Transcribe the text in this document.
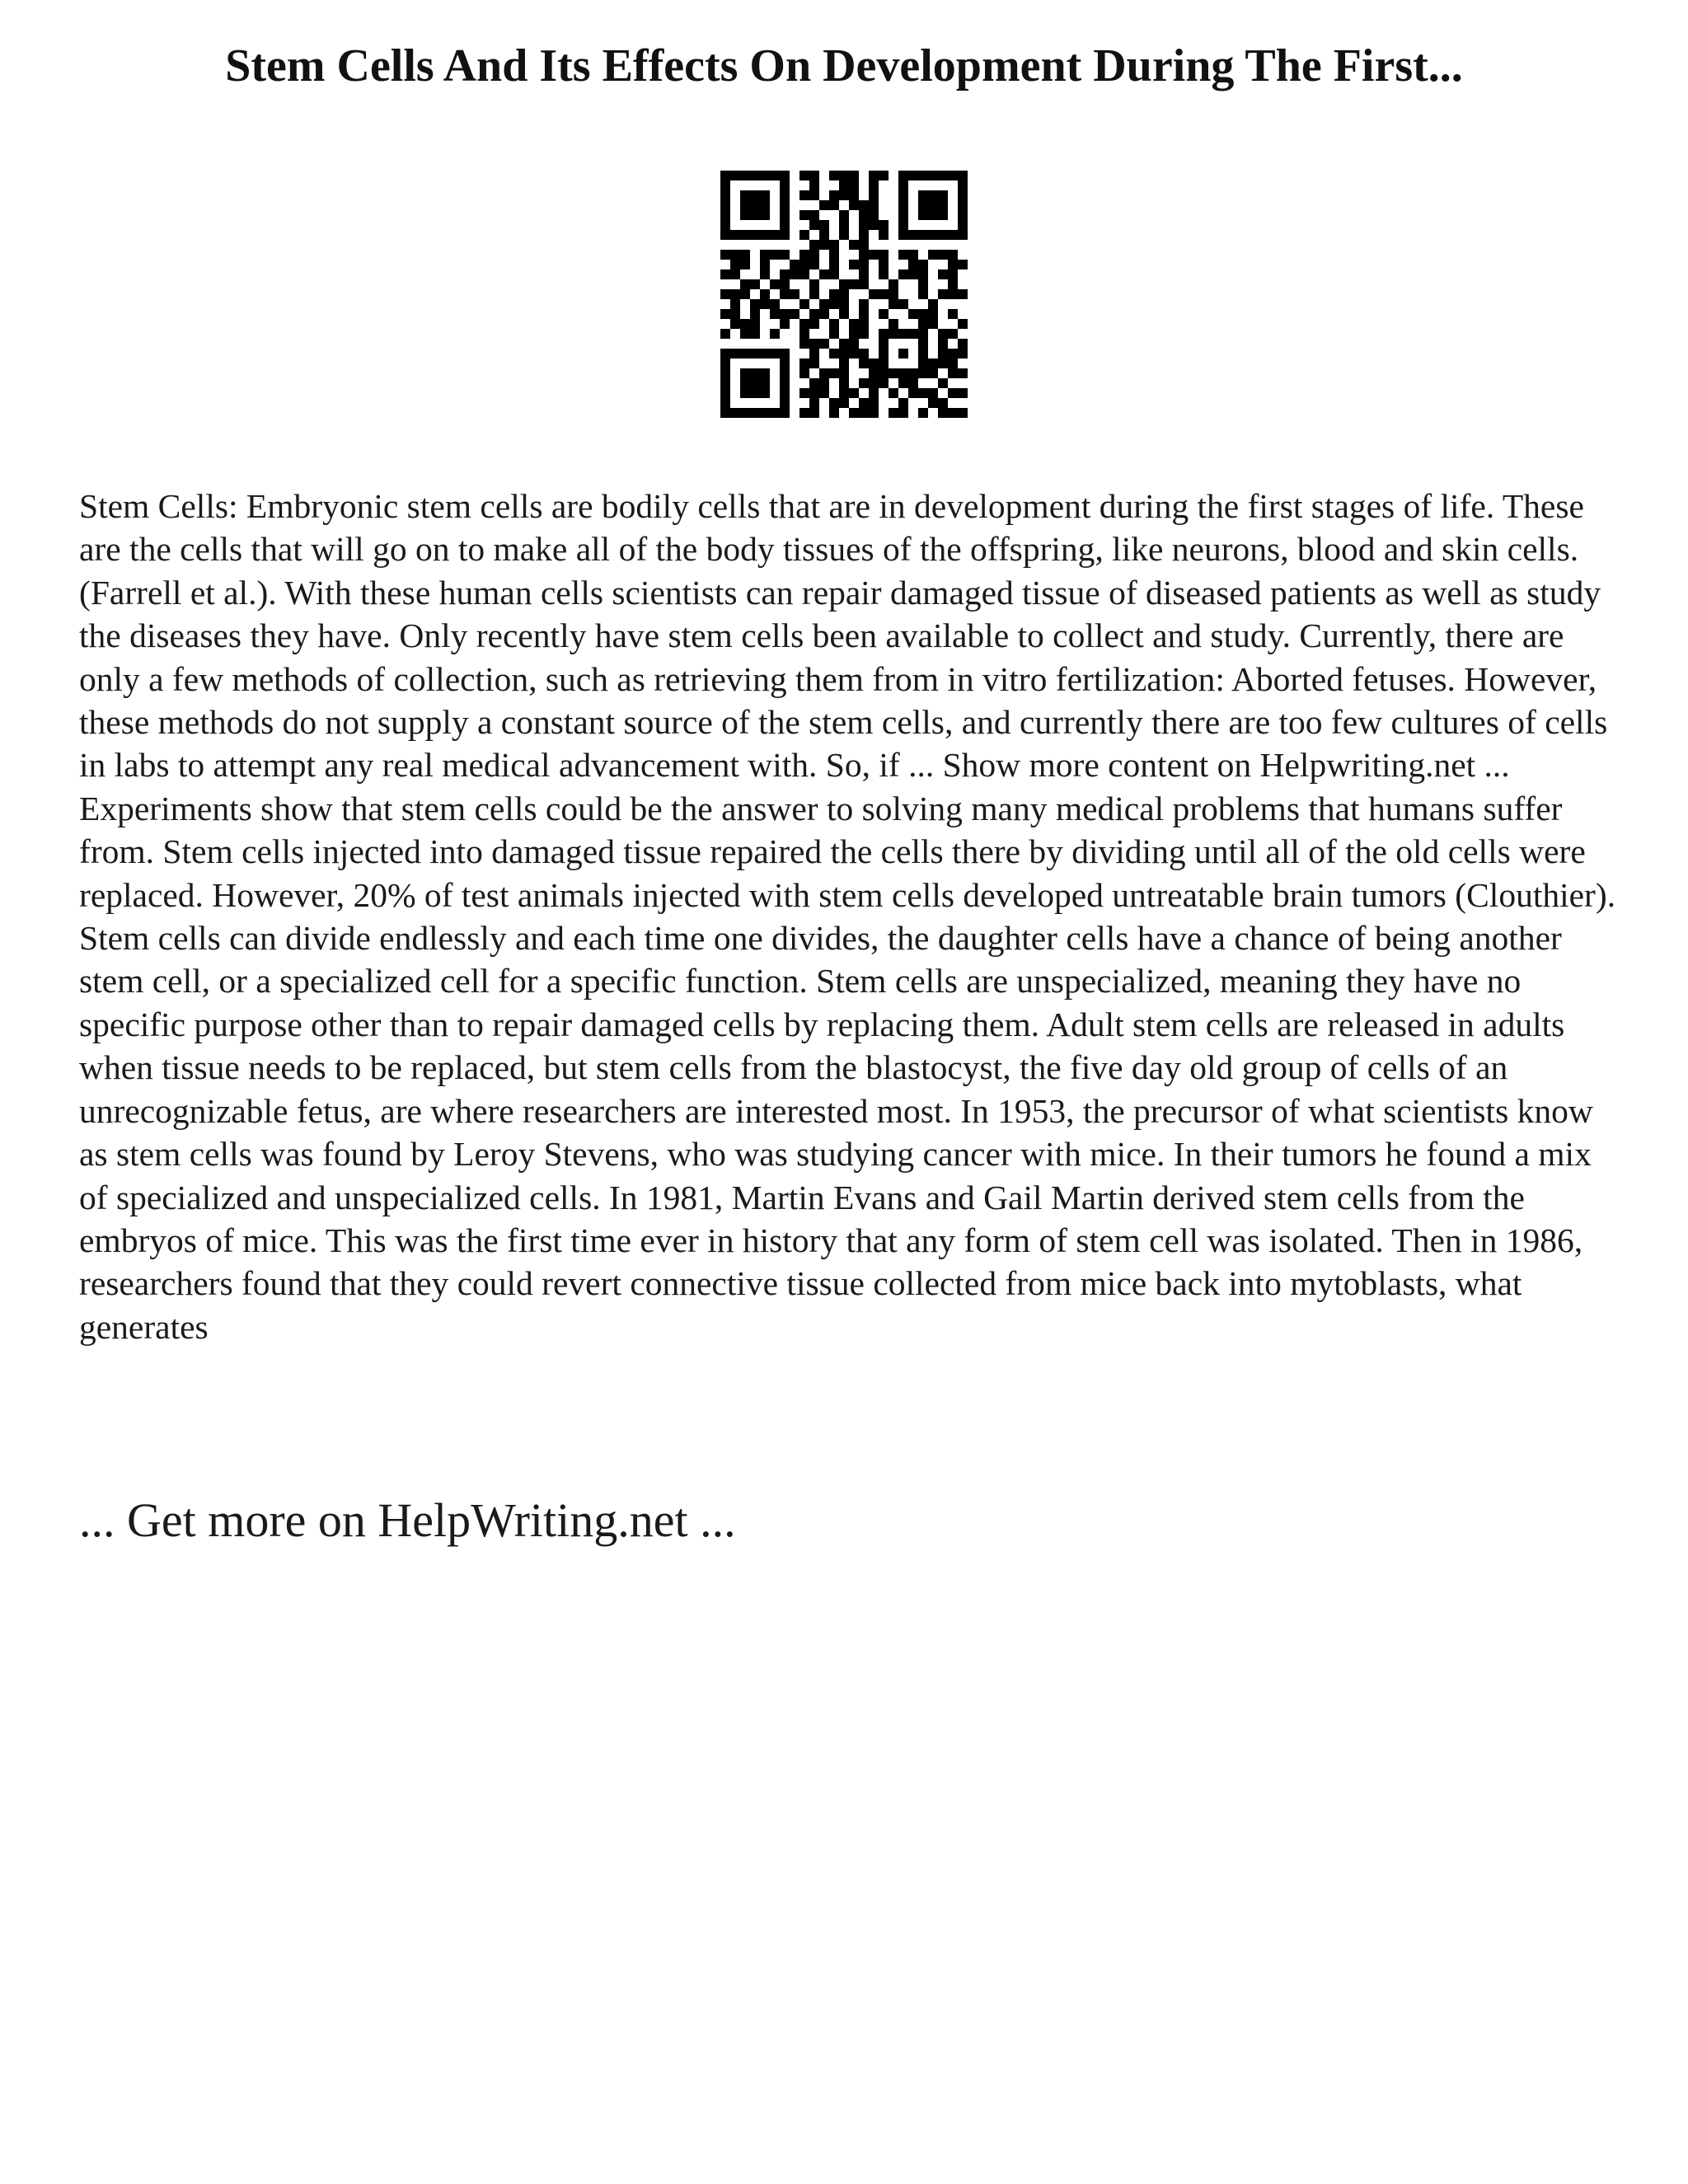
Stem Cells And Its Effects On Development During The First...

Stem Cells: Embryonic stem cells are bodily cells that are in development during the first stages of life. These are the cells that will go on to make all of the body tissues of the offspring, like neurons, blood and skin cells. (Farrell et al.). With these human cells scientists can repair damaged tissue of diseased patients as well as study the diseases they have. Only recently have stem cells been available to collect and study. Currently, there are only a few methods of collection, such as retrieving them from in vitro fertilization: Aborted fetuses. However, these methods do not supply a constant source of the stem cells, and currently there are too few cultures of cells in labs to attempt any real medical advancement with. So, if ... Show more content on Helpwriting.net ...

Experiments show that stem cells could be the answer to solving many medical problems that humans suffer from. Stem cells injected into damaged tissue repaired the cells there by dividing until all of the old cells were replaced. However, 20% of test animals injected with stem cells developed untreatable brain tumors (Clouthier). Stem cells can divide endlessly and each time one divides, the daughter cells have a chance of being another stem cell, or a specialized cell for a specific function. Stem cells are unspecialized, meaning they have no specific purpose other than to repair damaged cells by replacing them. Adult stem cells are released in adults when tissue needs to be replaced, but stem cells from the blastocyst, the five day old group of cells of an unrecognizable fetus, are where researchers are interested most. In 1953, the precursor of what scientists know as stem cells was found by Leroy Stevens, who was studying cancer with mice. In their tumors he found a mix of specialized and unspecialized cells. In 1981, Martin Evans and Gail Martin derived stem cells from the embryos of mice. This was the first time ever in history that any form of stem cell was isolated. Then in 1986, researchers found that they could revert connective tissue collected from mice back into mytoblasts, what generates

... Get more on HelpWriting.net ...
